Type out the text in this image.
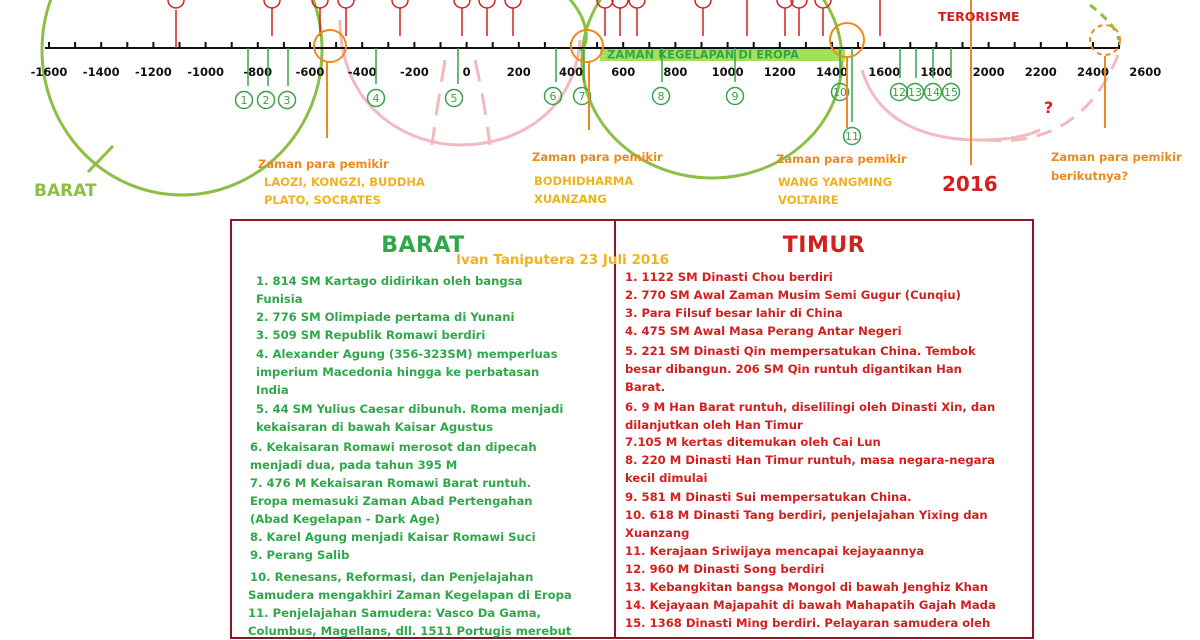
ZAMAN KEGELAPAN DI EROPA
-1600 -1400 -1200 -1000 -800 -600 -400 -200	0	200 400 600 800 1000 1200 1400 1600 1800 2000 2200 2400 2600
1 2 3	4	5	6 7	8	9	10
11
12 13 14 15
TERORISME
?
2016
BARAT
Zaman para pemikir
LAOZI, KONGZI, BUDDHA
PLATO, SOCRATES
Zaman para pemikir
BODHIDHARMA
XUANZANG
Zaman para pemikir
WANG YANGMING
VOLTAIRE
Zaman para pemikir
berikutnya?
BARAT
1. 814 SM Kartago didirikan oleh bangsa
Funisia
2. 776 SM Olimpiade pertama di Yunani
3. 509 SM Republik Romawi berdiri
4. Alexander Agung (356-323SM) memperluas
imperium Macedonia hingga ke perbatasan
India
5. 44 SM Yulius Caesar dibunuh. Roma menjadi
kekaisaran di bawah Kaisar Agustus
6. Kekaisaran Romawi merosot dan dipecah
menjadi dua, pada tahun 395 M
7. 476 M Kekaisaran Romawi Barat runtuh.
Eropa memasuki Zaman Abad Pertengahan
(Abad Kegelapan - Dark Age)
8. Karel Agung menjadi Kaisar Romawi Suci
9. Perang Salib
10. Renesans, Reformasi, dan Penjelajahan
Samudera mengakhiri Zaman Kegelapan di Eropa
11. Penjelajahan Samudera: Vasco Da Gama,
Columbus, Magellans, dll. 1511 Portugis merebut
TIMUR
1. 1122 SM Dinasti Chou berdiri
2. 770 SM Awal Zaman Musim Semi Gugur (Cunqiu)
3. Para Filsuf besar lahir di China
4. 475 SM Awal Masa Perang Antar Negeri
5. 221 SM Dinasti Qin mempersatukan China. Tembok
besar dibangun. 206 SM Qin runtuh digantikan Han
Barat.
6. 9 M Han Barat runtuh, diselilingi oleh Dinasti Xin, dan
dilanjutkan oleh Han Timur
7.105 M kertas ditemukan oleh Cai Lun
8. 220 M Dinasti Han Timur runtuh, masa negara-negara
kecil dimulai
9. 581 M Dinasti Sui mempersatukan China.
10. 618 M Dinasti Tang berdiri, penjelajahan Yixing dan
Xuanzang
11. Kerajaan Sriwijaya mencapai kejayaannya
12. 960 M Dinasti Song berdiri
13. Kebangkitan bangsa Mongol di bawah Jenghiz Khan
14. Kejayaan Majapahit di bawah Mahapatih Gajah Mada
15. 1368 Dinasti Ming berdiri. Pelayaran samudera oleh
Ivan Taniputera 23 Juli 2016
